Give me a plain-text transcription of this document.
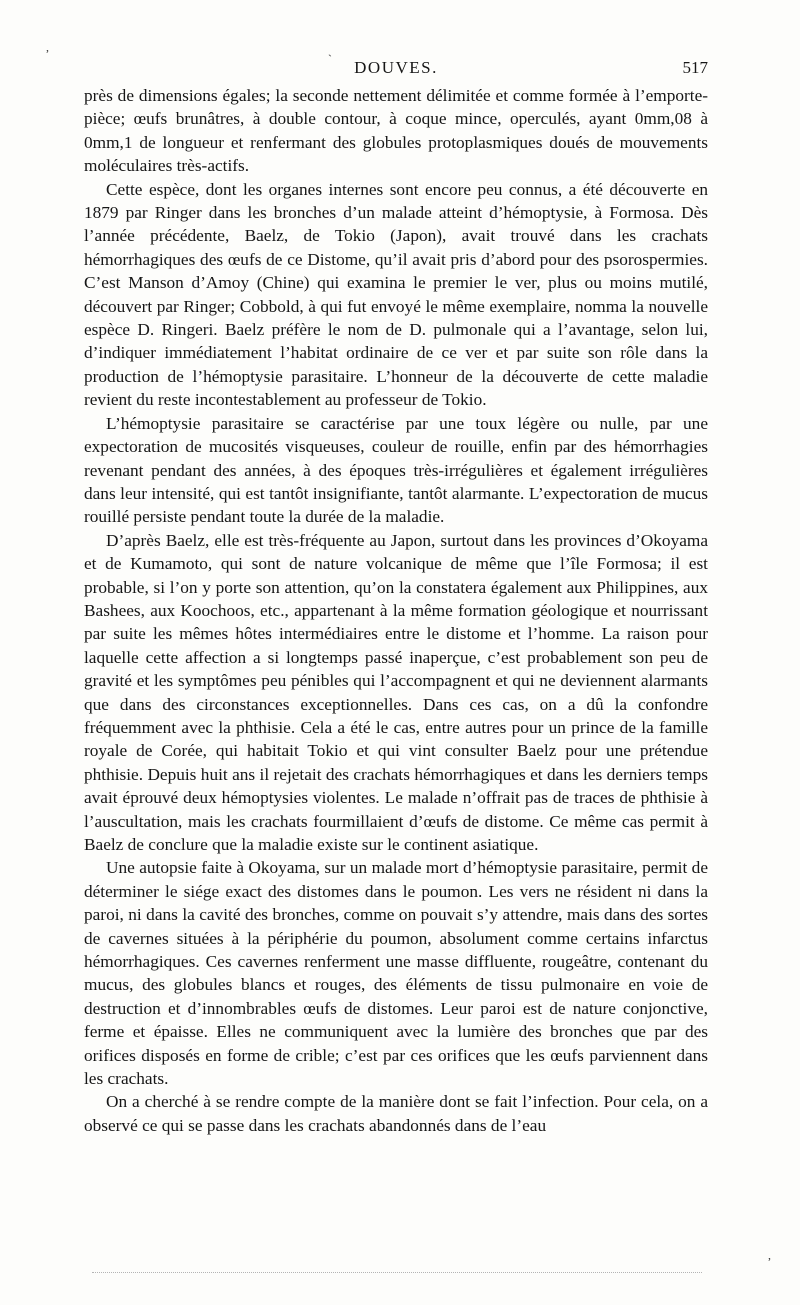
,
`
,
DOUVES.	517

près de dimensions égales; la seconde nettement délimitée et comme formée à l’emporte-pièce; œufs brunâtres, à double contour, à coque mince, operculés, ayant 0mm,08 à 0mm,1 de longueur et renfermant des globules protoplasmiques doués de mouvements moléculaires très-actifs.

Cette espèce, dont les organes internes sont encore peu connus, a été découverte en 1879 par Ringer dans les bronches d’un malade atteint d’hémoptysie, à Formosa. Dès l’année précédente, Baelz, de Tokio (Japon), avait trouvé dans les crachats hémorrhagiques des œufs de ce Distome, qu’il avait pris d’abord pour des psorospermies. C’est Manson d’Amoy (Chine) qui examina le premier le ver, plus ou moins mutilé, découvert par Ringer; Cobbold, à qui fut envoyé le même exemplaire, nomma la nouvelle espèce D. Ringeri. Baelz préfère le nom de D. pulmonale qui a l’avantage, selon lui, d’indiquer immédiatement l’habitat ordinaire de ce ver et par suite son rôle dans la production de l’hémoptysie parasitaire. L’honneur de la découverte de cette maladie revient du reste incontestablement au professeur de Tokio.

L’hémoptysie parasitaire se caractérise par une toux légère ou nulle, par une expectoration de mucosités visqueuses, couleur de rouille, enfin par des hémorrhagies revenant pendant des années, à des époques très-irrégulières et également irrégulières dans leur intensité, qui est tantôt insignifiante, tantôt alarmante. L’expectoration de mucus rouillé persiste pendant toute la durée de la maladie.

D’après Baelz, elle est très-fréquente au Japon, surtout dans les provinces d’Okoyama et de Kumamoto, qui sont de nature volcanique de même que l’île Formosa; il est probable, si l’on y porte son attention, qu’on la constatera également aux Philippines, aux Bashees, aux Koochoos, etc., appartenant à la même formation géologique et nourrissant par suite les mêmes hôtes intermédiaires entre le distome et l’homme. La raison pour laquelle cette affection a si longtemps passé inaperçue, c’est probablement son peu de gravité et les symptômes peu pénibles qui l’accompagnent et qui ne deviennent alarmants que dans des circonstances exceptionnelles. Dans ces cas, on a dû la confondre fréquemment avec la phthisie. Cela a été le cas, entre autres pour un prince de la famille royale de Corée, qui habitait Tokio et qui vint consulter Baelz pour une prétendue phthisie. Depuis huit ans il rejetait des crachats hémorrhagiques et dans les derniers temps avait éprouvé deux hémoptysies violentes. Le malade n’offrait pas de traces de phthisie à l’auscultation, mais les crachats fourmillaient d’œufs de distome. Ce même cas permit à Baelz de conclure que la maladie existe sur le continent asiatique.

Une autopsie faite à Okoyama, sur un malade mort d’hémoptysie parasitaire, permit de déterminer le siége exact des distomes dans le poumon. Les vers ne résident ni dans la paroi, ni dans la cavité des bronches, comme on pouvait s’y attendre, mais dans des sortes de cavernes situées à la périphérie du poumon, absolument comme certains infarctus hémorrhagiques. Ces cavernes renferment une masse diffluente, rougeâtre, contenant du mucus, des globules blancs et rouges, des éléments de tissu pulmonaire en voie de destruction et d’innombrables œufs de distomes. Leur paroi est de nature conjonctive, ferme et épaisse. Elles ne communiquent avec la lumière des bronches que par des orifices disposés en forme de crible; c’est par ces orifices que les œufs parviennent dans les crachats.

On a cherché à se rendre compte de la manière dont se fait l’infection. Pour cela, on a observé ce qui se passe dans les crachats abandonnés dans de l’eau
